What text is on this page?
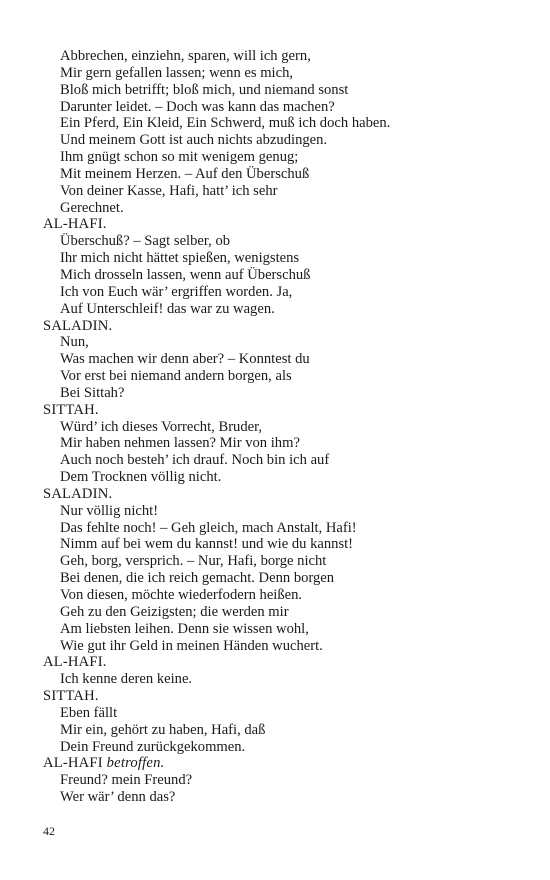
Abbrechen, einziehn, sparen, will ich gern,
Mir gern gefallen lassen; wenn es mich,
Bloß mich betrifft; bloß mich, und niemand sonst
Darunter leidet. – Doch was kann das machen?
Ein Pferd, Ein Kleid, Ein Schwerd, muß ich doch haben.
Und meinem Gott ist auch nichts abzudingen.
Ihm gnügt schon so mit wenigem genug;
Mit meinem Herzen. – Auf den Überschuß
Von deiner Kasse, Hafi, hatt’ ich sehr
Gerechnet.
AL-HAFI.
Überschuß? – Sagt selber, ob
Ihr mich nicht hättet spießen, wenigstens
Mich drosseln lassen, wenn auf Überschuß
Ich von Euch wär’ ergriffen worden. Ja,
Auf Unterschleif! das war zu wagen.
SALADIN.
Nun,
Was machen wir denn aber? – Konntest du
Vor erst bei niemand andern borgen, als
Bei Sittah?
SITTAH.
Würd’ ich dieses Vorrecht, Bruder,
Mir haben nehmen lassen? Mir von ihm?
Auch noch besteh’ ich drauf. Noch bin ich auf
Dem Trocknen völlig nicht.
SALADIN.
Nur völlig nicht!
Das fehlte noch! – Geh gleich, mach Anstalt, Hafi!
Nimm auf bei wem du kannst! und wie du kannst!
Geh, borg, versprich. – Nur, Hafi, borge nicht
Bei denen, die ich reich gemacht. Denn borgen
Von diesen, möchte wiederfodern heißen.
Geh zu den Geizigsten; die werden mir
Am liebsten leihen. Denn sie wissen wohl,
Wie gut ihr Geld in meinen Händen wuchert.
AL-HAFI.
Ich kenne deren keine.
SITTAH.
Eben fällt
Mir ein, gehört zu haben, Hafi, daß
Dein Freund zurückgekommen.
AL-HAFI betroffen.
Freund? mein Freund?
Wer wär’ denn das?
42
